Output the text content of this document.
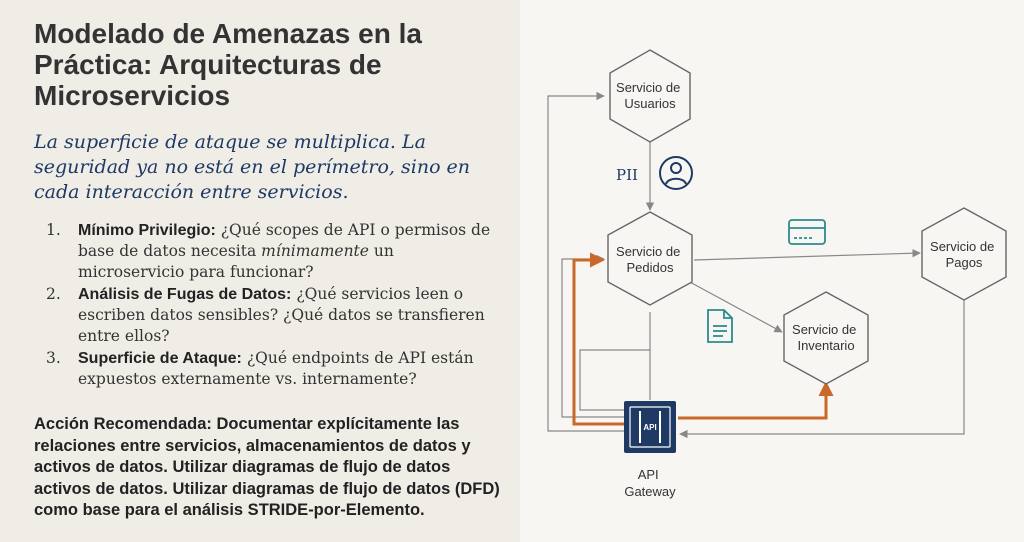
Modelado de Amenazas en la Práctica: Arquitecturas de Microservicios

La superficie de ataque se multiplica. La seguridad ya no está en el perímetro, sino en cada interacción entre servicios.

1. Mínimo Privilegio: ¿Qué scopes de API o permisos de base de datos necesita mínimamente un microservicio para funcionar?
2. Análisis de Fugas de Datos: ¿Qué servicios leen o escriben datos sensibles? ¿Qué datos se transfieren entre ellos?
3. Superficie de Ataque: ¿Qué endpoints de API están expuestos externamente vs. internamente?

Acción Recomendada: Documentar explícitamente las relaciones entre servicios, almacenamientos de datos y activos de datos. Utilizar diagramas de flujo de datos activos de datos. Utilizar diagramas de flujo de datos (DFD) como base para el análisis STRIDE-por-Elemento.

Servicio de Usuarios
Servicio de Pedidos
Servicio de Pagos
Servicio de Inventario
PII
API
API Gateway
